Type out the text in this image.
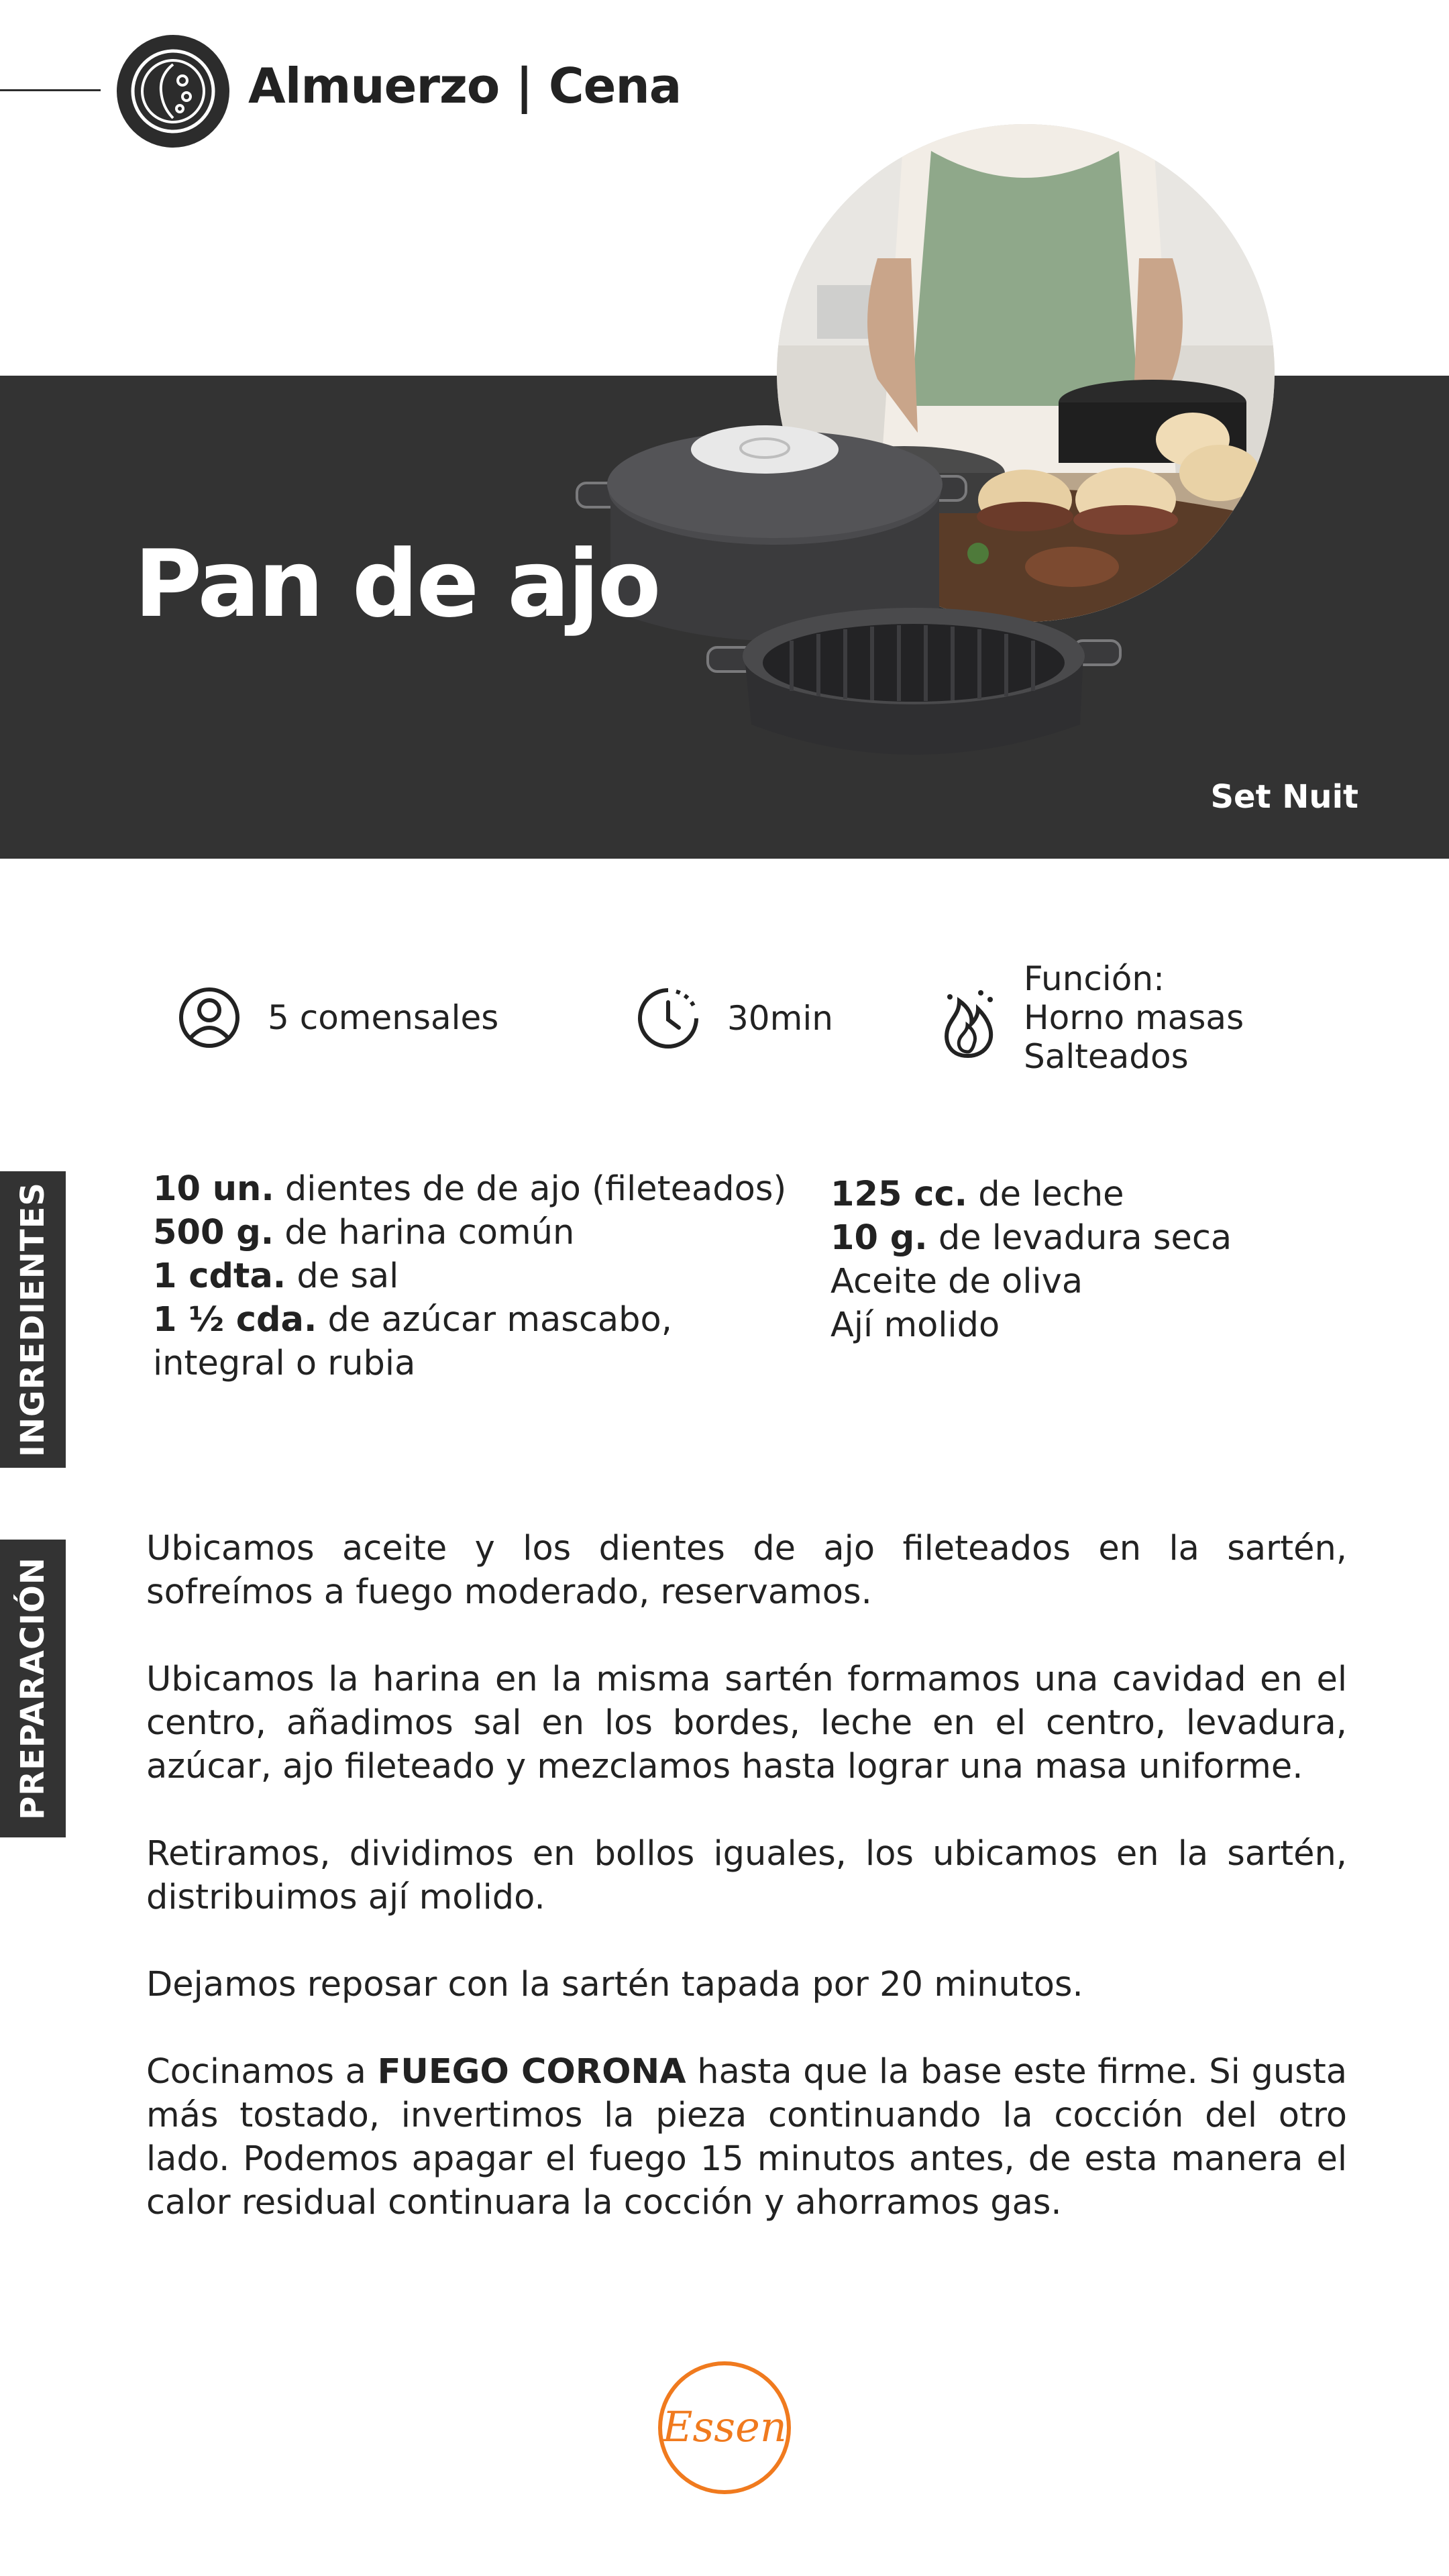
Almuerzo | Cena
Pan de ajo
Set Nuit
5 comensales	30min
Función:
Horno masas
Salteados
INGREDIENTES	10 un. dientes de de ajo (fileteados)
500 g. de harina común
1 cdta. de sal
1 ½ cda. de azúcar mascabo,
integral o rubia
125 cc. de leche
10 g. de levadura seca
Aceite de oliva
Ají molido
PREPARACIÓN

Ubicamos aceite y los dientes de ajo fileteados en la sartén, sofreímos a fuego moderado, reservamos.

Ubicamos la harina en la misma sartén formamos una cavidad en el centro, añadimos sal en los bordes, leche en el centro, levadura, azúcar, ajo fileteado y mezclamos hasta lograr una masa uniforme.

Retiramos, dividimos en bollos iguales, los ubicamos en la sartén, distribuimos ají molido.

Dejamos reposar con la sartén tapada por 20 minutos.

Cocinamos a FUEGO CORONA hasta que la base este firme. Si gusta más tostado, invertimos la pieza continuando la cocción del otro lado. Podemos apagar el fuego 15 minutos antes, de esta manera el calor residual continuara la cocción y ahorramos gas.

Essen
